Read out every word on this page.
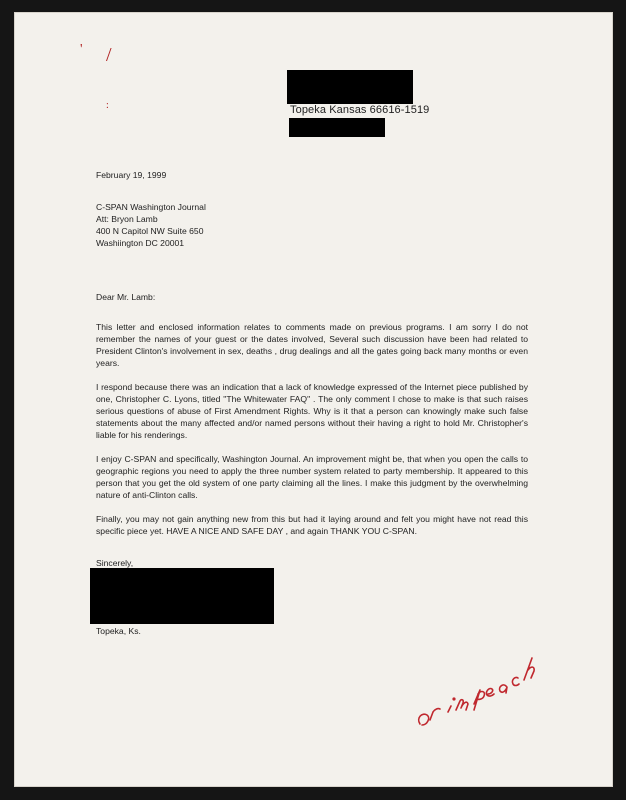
' /
:	Topeka Kansas 66616-1519
February 19, 1999
C-SPAN Washington Journal
Att: Bryon Lamb
400 N Capitol NW Suite 650
Washiington DC 20001
Dear Mr. Lamb:

This letter and enclosed information relates to comments made on previous programs. I am sorry I do not remember the names of your guest or the dates involved, Several such discussion have been had related to President Clinton's involvement in sex, deaths , drug dealings and all the gates going back many months or even years.

I respond because there was an indication that a lack of knowledge expressed of the Internet piece published by one, Christopher C. Lyons, titled "The Whitewater FAQ" . The only comment I chose to make is that such raises serious questions of abuse of First Amendment Rights. Why is it that a person can knowingly make such false statements about the many affected and/or named persons without their having a right to hold Mr. Christopher's liable for his renderings.

I enjoy C-SPAN and specifically, Washington Journal. An improvement might be, that when you open the calls to geographic regions you need to apply the three number system related to party membership. It appeared to this person that you get the old system of one party claiming all the lines. I make this judgment by the overwhelming nature of anti-Clinton calls.

Finally, you may not gain anything new from this but had it laying around and felt you might have not read this specific piece yet. HAVE A NICE AND SAFE DAY , and again THANK YOU C-SPAN.

Sincerely,
Topeka, Ks.
or impeach
